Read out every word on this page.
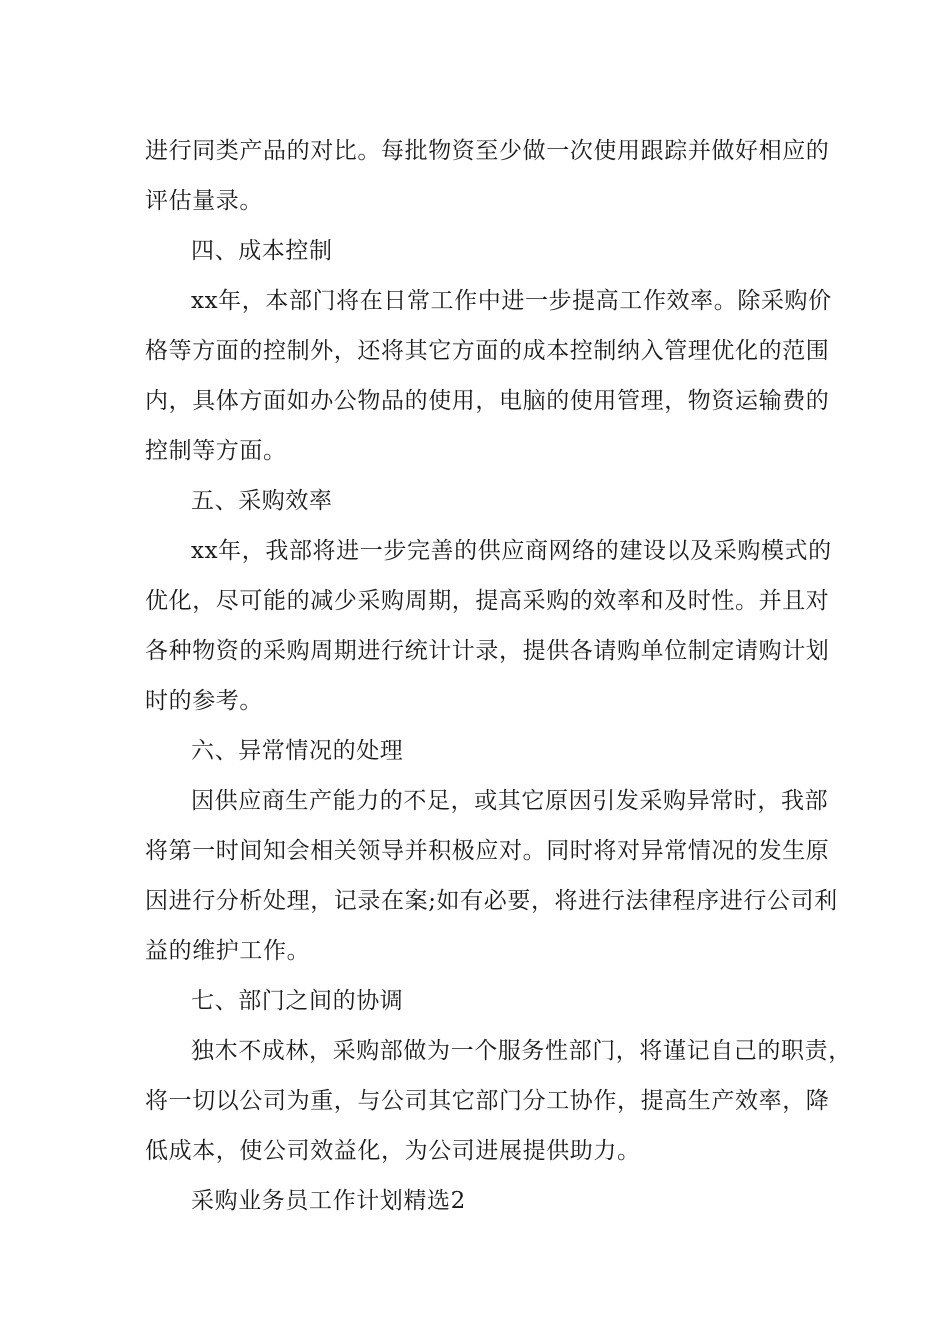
进行同类产品的对比。每批物资至少做一次使用跟踪并做好相应的
评估量录。
四、成本控制
xx年，本部门将在日常工作中进一步提高工作效率。除采购价
格等方面的控制外，还将其它方面的成本控制纳入管理优化的范围
内，具体方面如办公物品的使用，电脑的使用管理，物资运输费的
控制等方面。
五、采购效率
xx年，我部将进一步完善的供应商网络的建设以及采购模式的
优化，尽可能的减少采购周期，提高采购的效率和及时性。并且对
各种物资的采购周期进行统计计录，提供各请购单位制定请购计划
时的参考。
六、异常情况的处理
因供应商生产能力的不足，或其它原因引发采购异常时，我部
将第一时间知会相关领导并积极应对。同时将对异常情况的发生原
因进行分析处理，记录在案;如有必要，将进行法律程序进行公司利
益的维护工作。
七、部门之间的协调
独木不成林，采购部做为一个服务性部门，将谨记自己的职责，
将一切以公司为重，与公司其它部门分工协作，提高生产效率，降
低成本，使公司效益化，为公司进展提供助力。
采购业务员工作计划精选2
